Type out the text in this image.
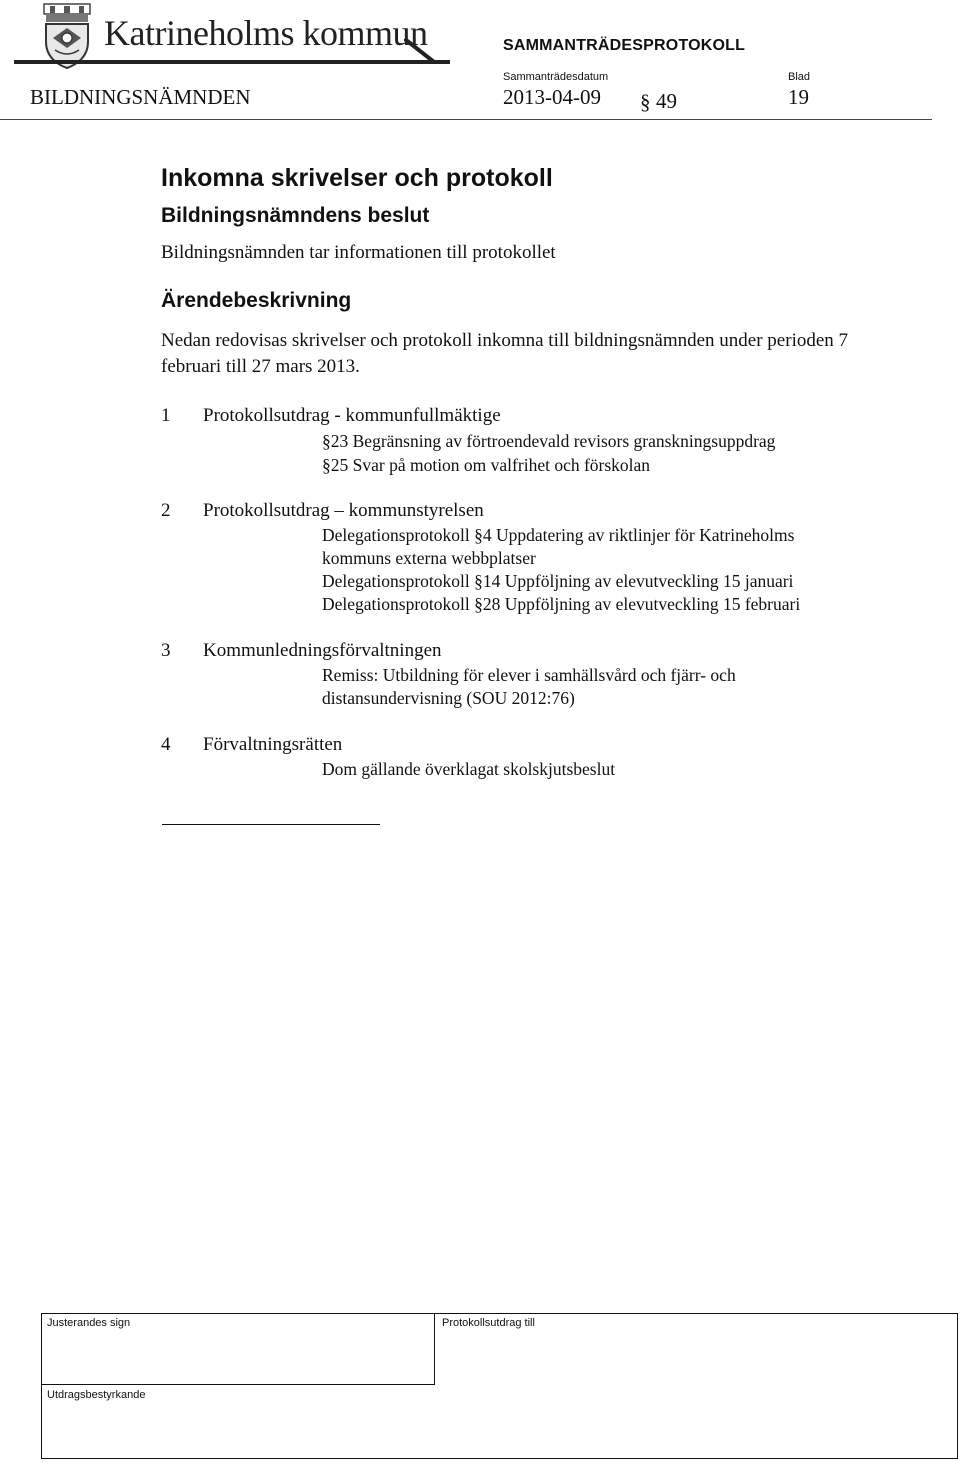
Katrineholms kommun	SAMMANTRÄDESPROTOKOLL
Sammanträdesdatum	Blad
BILDNINGSNÄMNDEN	2013-04-09 § 49	19
Inkomna skrivelser och protokoll
Bildningsnämndens beslut
Bildningsnämnden tar informationen till protokollet
Ärendebeskrivning
Nedan redovisas skrivelser och protokoll inkomna till bildningsnämnden under perioden 7 februari till 27 mars 2013.
1 Protokollsutdrag - kommunfullmäktige
§23 Begränsning av förtroendevald revisors granskningsuppdrag
§25 Svar på motion om valfrihet och förskolan
2 Protokollsutdrag – kommunstyrelsen
Delegationsprotokoll §4 Uppdatering av riktlinjer för Katrineholms
kommuns externa webbplatser
Delegationsprotokoll §14 Uppföljning av elevutveckling 15 januari
Delegationsprotokoll §28 Uppföljning av elevutveckling 15 februari
3 Kommunledningsförvaltningen
Remiss: Utbildning för elever i samhällsvård och fjärr- och
distansundervisning (SOU 2012:76)
4 Förvaltningsrätten
Dom gällande överklagat skolskjutsbeslut
Justerandes sign	Protokollsutdrag till
Utdragsbestyrkande
